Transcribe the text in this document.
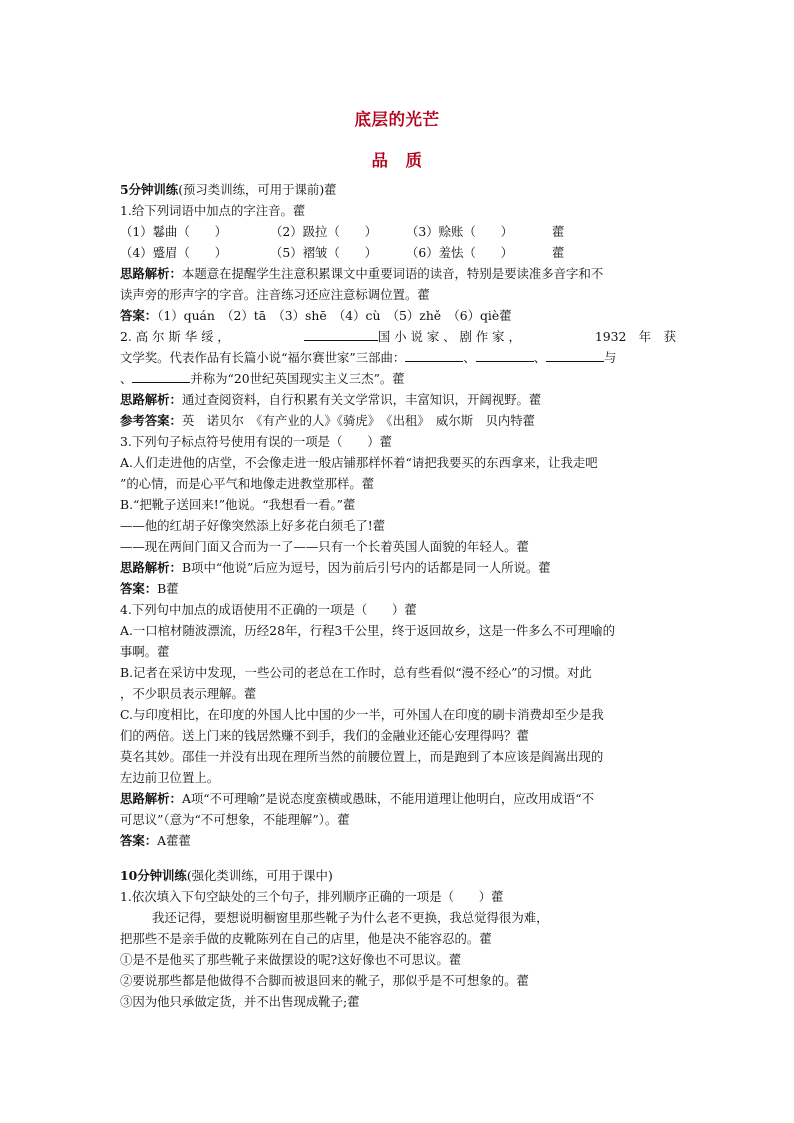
底层的光芒
品　质
5分钟训练(预习类训练，可用于课前)藿
1.给下列词语中加点的字注音。藿
（1）鬈曲（　　）	（2）趿拉（　　） （3）赊账（　　）	藿
（4）蹙眉（　　）	（5）褶皱（　　） （6）羞怯（　　）	藿
思路解析：本题意在提醒学生注意积累课文中重要词语的读音，特别是要读准多音字和不
读声旁的形声字的字音。注音练习还应注意标调位置。藿
答案：（1）quán　（2）tā　（3）shē　（4）cù　（5）zhě　（6）qiè藿
2. 高 尔 斯 华 绥 ，	国 小 说 家 、 剧 作 家 ，	1932　年　获
文学奖。代表作品有长篇小说“福尔赛世家”三部曲：	、	、	与
、	并称为“20世纪英国现实主义三杰”。藿
思路解析：通过查阅资料，自行积累有关文学常识，丰富知识，开阔视野。藿
参考答案：英　诺贝尔　《有产业的人》《骑虎》　《出租》　威尔斯　贝内特藿
3.下列句子标点符号使用有误的一项是（　　）藿
A.人们走进他的店堂，不会像走进一般店铺那样怀着“请把我要买的东西拿来，让我走吧
”的心情，而是心平气和地像走进教堂那样。藿
B.“把靴子送回来!”他说。“我想看一看。”藿
——他的红胡子好像突然添上好多花白须毛了!藿
——现在两间门面又合而为一了——只有一个长着英国人面貌的年轻人。藿
思路解析：B项中“他说”后应为逗号，因为前后引号内的话都是同一人所说。藿
答案：B藿
4.下列句中加点的成语使用不正确的一项是（　　）藿
A.一口棺材随波漂流，历经28年，行程3千公里，终于返回故乡，这是一件多么不可理喻的
事啊。藿
B.记者在采访中发现，一些公司的老总在工作时，总有些看似“漫不经心”的习惯。对此
，不少职员表示理解。藿
C.与印度相比，在印度的外国人比中国的少一半，可外国人在印度的刷卡消费却至少是我
们的两倍。送上门来的钱居然赚不到手，我们的金融业还能心安理得吗？藿
莫名其妙。邵佳一并没有出现在理所当然的前腰位置上，而是跑到了本应该是阎嵩出现的
左边前卫位置上。
思路解析：A项“不可理喻”是说态度蛮横或愚昧，不能用道理让他明白，应改用成语“不
可思议”（意为“不可想象，不能理解”）。藿
答案：A藿藿
10分钟训练(强化类训练，可用于课中)
1.依次填入下句空缺处的三个句子，排列顺序正确的一项是（　　）藿
我还记得，要想说明橱窗里那些靴子为什么老不更换，我总觉得很为难，
把那些不是亲手做的皮靴陈列在自己的店里，他是决不能容忍的。藿
①是不是他买了那些靴子来做摆设的呢?这好像也不可思议。藿
②要说那些都是他做得不合脚而被退回来的靴子，那似乎是不可想象的。藿
③因为他只承做定货，并不出售现成靴子;藿
